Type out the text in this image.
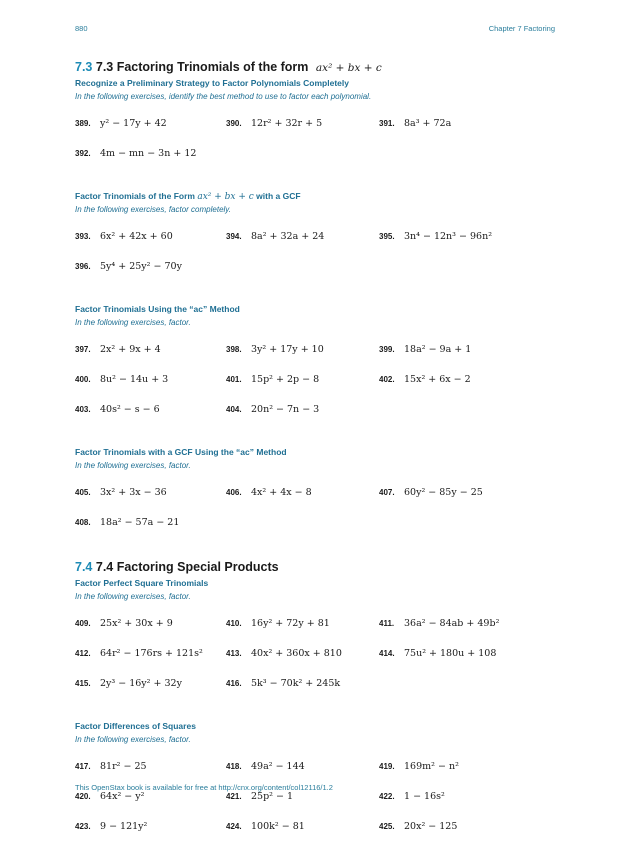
880	Chapter 7 Factoring
7.3 7.3 Factoring Trinomials of the form ax² + bx + c
Recognize a Preliminary Strategy to Factor Polynomials Completely
In the following exercises, identify the best method to use to factor each polynomial.
389. y² − 17y + 42	390. 12r² + 32r + 5	391. 8a³ + 72a
392. 4m − mn − 3n + 12
Factor Trinomials of the Form ax² + bx + c with a GCF
In the following exercises, factor completely.
393. 6x² + 42x + 60	394. 8a² + 32a + 24	395. 3n⁴ − 12n³ − 96n²
396. 5y⁴ + 25y² − 70y
Factor Trinomials Using the “ac” Method
In the following exercises, factor.
397. 2x² + 9x + 4	398. 3y² + 17y + 10	399. 18a² − 9a + 1
400. 8u² − 14u + 3	401. 15p² + 2p − 8	402. 15x² + 6x − 2
403. 40s² − s − 6	404. 20n² − 7n − 3
Factor Trinomials with a GCF Using the “ac” Method
In the following exercises, factor.
405. 3x² + 3x − 36	406. 4x² + 4x − 8	407. 60y² − 85y − 25
408. 18a² − 57a − 21
7.4 7.4 Factoring Special Products
Factor Perfect Square Trinomials
In the following exercises, factor.
409. 25x² + 30x + 9	410. 16y² + 72y + 81	411. 36a² − 84ab + 49b²
412. 64r² − 176rs + 121s²	413. 40x² + 360x + 810	414. 75u² + 180u + 108
415. 2y³ − 16y² + 32y	416. 5k³ − 70k² + 245k
Factor Differences of Squares
In the following exercises, factor.
417. 81r² − 25	418. 49a² − 144	419. 169m² − n²
420. 64x² − y²	421. 25p² − 1	422. 1 − 16s²
423. 9 − 121y²	424. 100k² − 81	425. 20x² − 125
This OpenStax book is available for free at http://cnx.org/content/col12116/1.2
